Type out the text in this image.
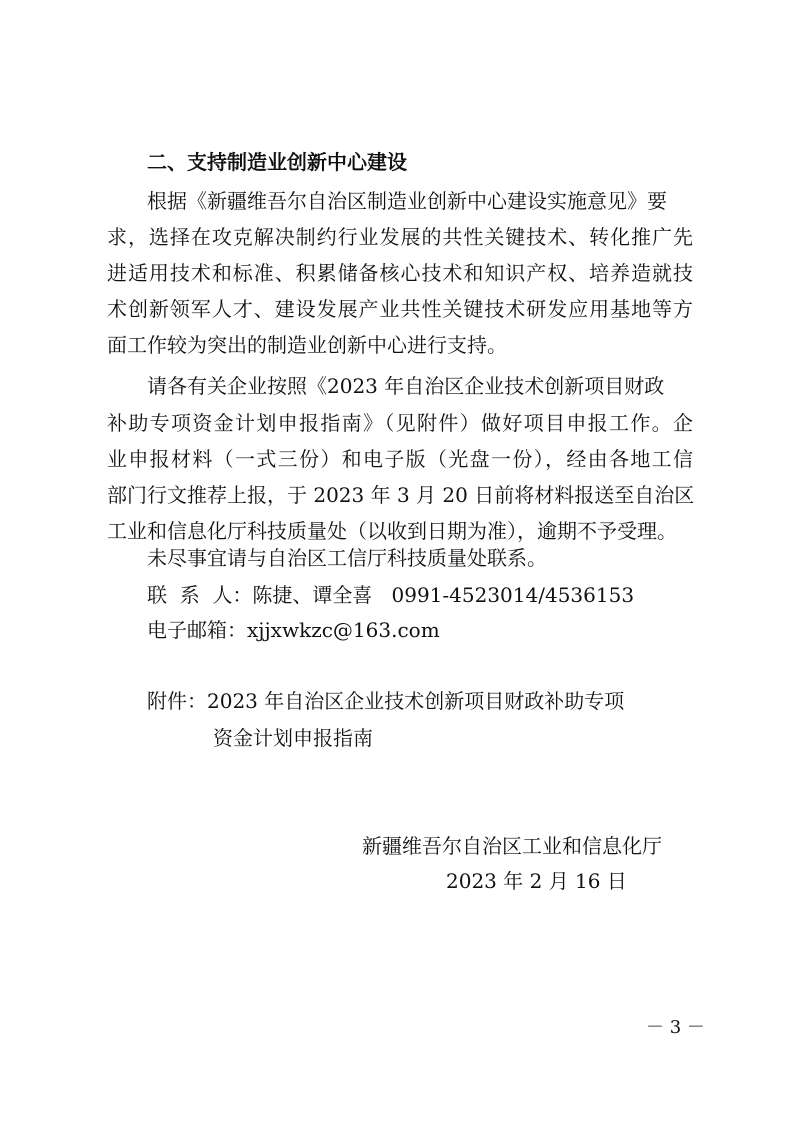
二、支持制造业创新中心建设
根据《新疆维吾尔自治区制造业创新中心建设实施意见》要
求，选择在攻克解决制约行业发展的共性关键技术、转化推广先
进适用技术和标准、积累储备核心技术和知识产权、培养造就技
术创新领军人才、建设发展产业共性关键技术研发应用基地等方
面工作较为突出的制造业创新中心进行支持。
请各有关企业按照《2023 年自治区企业技术创新项目财政
补助专项资金计划申报指南》（见附件）做好项目申报工作。企
业申报材料（一式三份）和电子版（光盘一份），经由各地工信
部门行文推荐上报，于 2023 年 3 月 20 日前将材料报送至自治区
工业和信息化厅科技质量处（以收到日期为准），逾期不予受理。
未尽事宜请与自治区工信厅科技质量处联系。
联  系  人：陈捷、谭全喜   0991-4523014/4536153
电子邮箱：xjjxwkzc@163.com
附件：2023 年自治区企业技术创新项目财政补助专项
资金计划申报指南
新疆维吾尔自治区工业和信息化厅
2023 年 2 月 16 日
－ 3 －
